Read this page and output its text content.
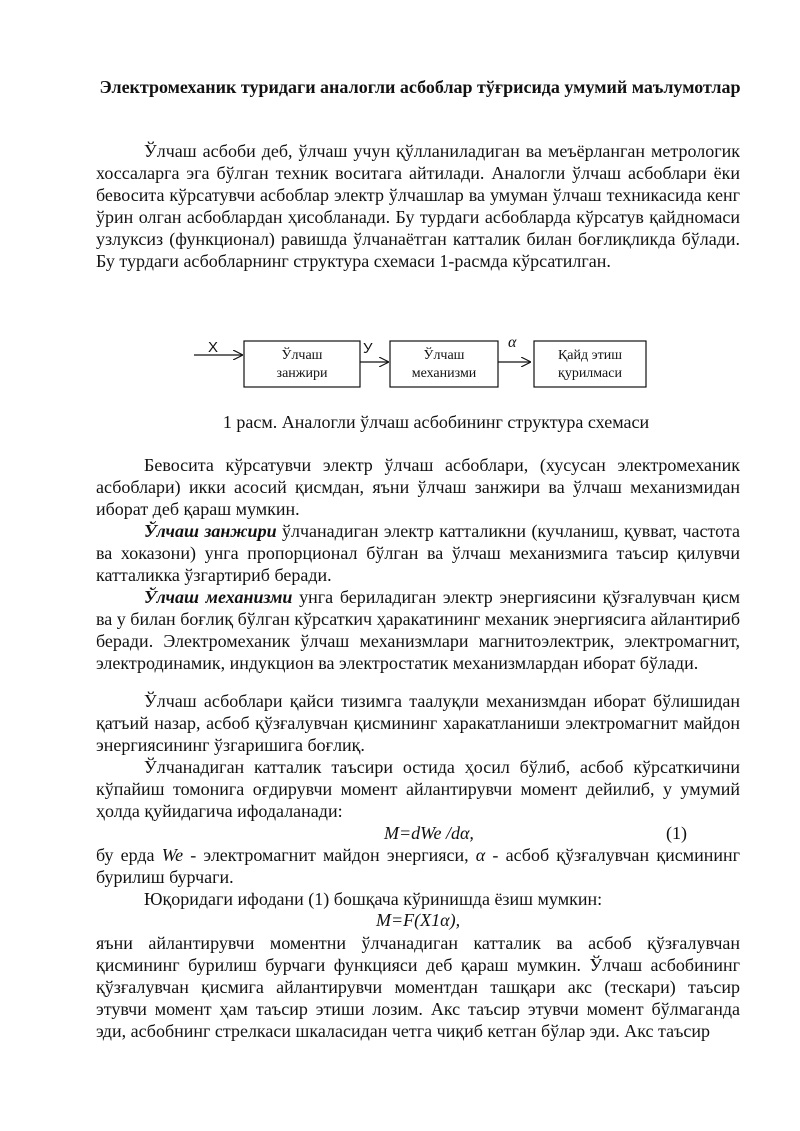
Электромеханик туридаги аналогли асбоблар тўғрисида умумий маълумотлар
Ўлчаш асбоби деб, ўлчаш учун қўлланиладиган ва меъёрланган метрологик хоссаларга эга бўлган техник воситага айтилади. Аналогли ўлчаш асбоблари ёки бевосита кўрсатувчи асбоблар электр ўлчашлар ва умуман ўлчаш техникасида кенг ўрин олган асбоблардан ҳисобланади. Бу турдаги асбобларда кўрсатув қайдномаси узлуксиз (функционал) равишда ўлчанаётган катталик билан боғлиқликда бўлади. Бу турдаги асбобларнинг структура схемаси 1-расмда кўрсатилган.
X	Ўлчаш
занжири
У	Ўлчаш
механизми
α
Қайд этиш
қурилмаси
1 расм. Аналогли ўлчаш асбобининг структура схемаси
Бевосита кўрсатувчи электр ўлчаш асбоблари, (хусусан электромеханик асбоблари) икки асосий қисмдан, яъни ўлчаш занжири ва ўлчаш механизмидан иборат деб қараш мумкин.
Ўлчаш занжири ўлчанадиган электр катталикни (кучланиш, қувват, частота ва хоказони) унга пропорционал бўлган ва ўлчаш механизмига таъсир қилувчи катталикка ўзгартириб беради.
Ўлчаш механизми унга бериладиган электр энергиясини қўзғалувчан қисм ва у билан боғлиқ бўлган кўрсаткич ҳаракатининг механик энергиясига айлантириб беради. Электромеханик ўлчаш механизмлари магнитоэлектрик, электромагнит, электродинамик, индукцион ва электростатик механизмлардан иборат бўлади.
Ўлчаш асбоблари қайси тизимга таалуқли механизмдан иборат бўлишидан қатъий назар, асбоб қўзғалувчан қисмининг харакатланиши электромагнит майдон энергиясининг ўзгаришига боғлиқ.
Ўлчанадиган катталик таъсири остида ҳосил бўлиб, асбоб кўрсаткичини кўпайиш томонига оғдирувчи момент айлантирувчи момент дейилиб, у умумий ҳолда қуйидагича ифодаланади:
M=dWe /dα,	(1)
бу ерда We - электромагнит майдон энергияси, α - асбоб қўзғалувчан қисмининг бурилиш бурчаги.
Юқоридаги ифодани (1) бошқача кўринишда ёзиш мумкин:
M=F(X1α),
яъни айлантирувчи моментни ўлчанадиган катталик ва асбоб қўзғалувчан қисмининг бурилиш бурчаги функцияси деб қараш мумкин. Ўлчаш асбобининг қўзғалувчан қисмига айлантирувчи моментдан ташқари акс (тескари) таъсир этувчи момент ҳам таъсир этиши лозим. Акс таъсир этувчи момент бўлмаганда эди, асбобнинг стрелкаси шкаласидан четга чиқиб кетган бўлар эди. Акс таъсир
